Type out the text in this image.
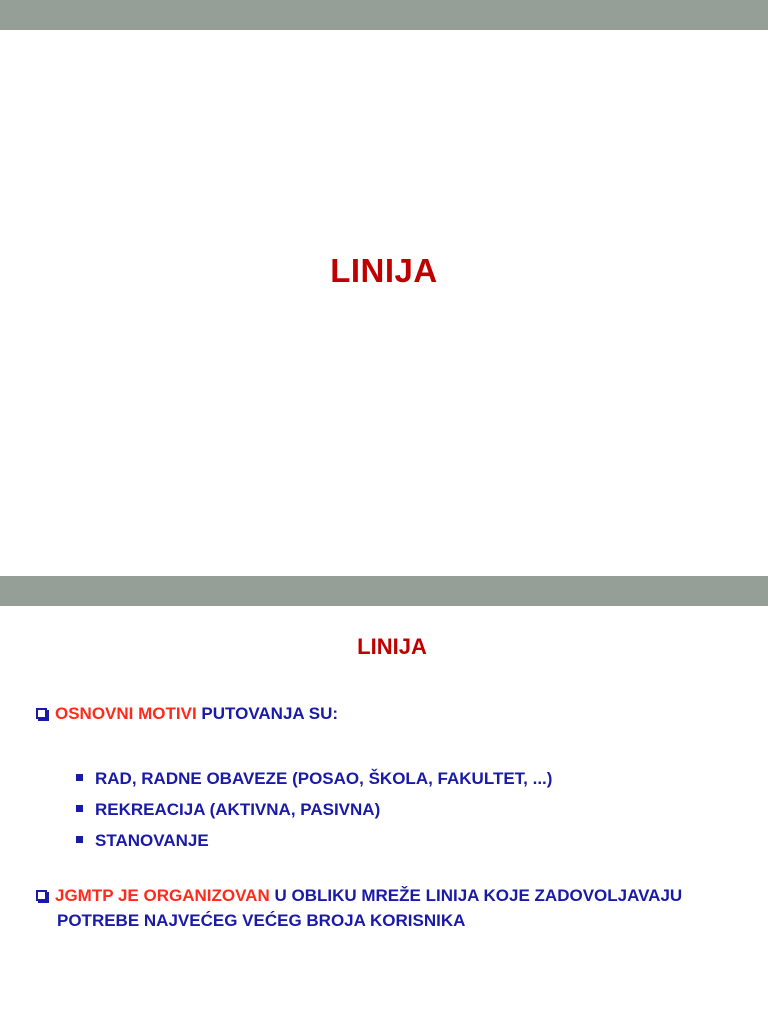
LINIJA
LINIJA
OSNOVNI MOTIVI PUTOVANJA SU:
RAD, RADNE OBAVEZE (POSAO, ŠKOLA, FAKULTET, ...)
REKREACIJA (AKTIVNA, PASIVNA)
STANOVANJE
JGMTP JE ORGANIZOVAN U OBLIKU MREŽE LINIJA KOJE ZADOVOLJAVAJU
POTREBE NAJVEĆEG VEĆEG BROJA KORISNIKA
